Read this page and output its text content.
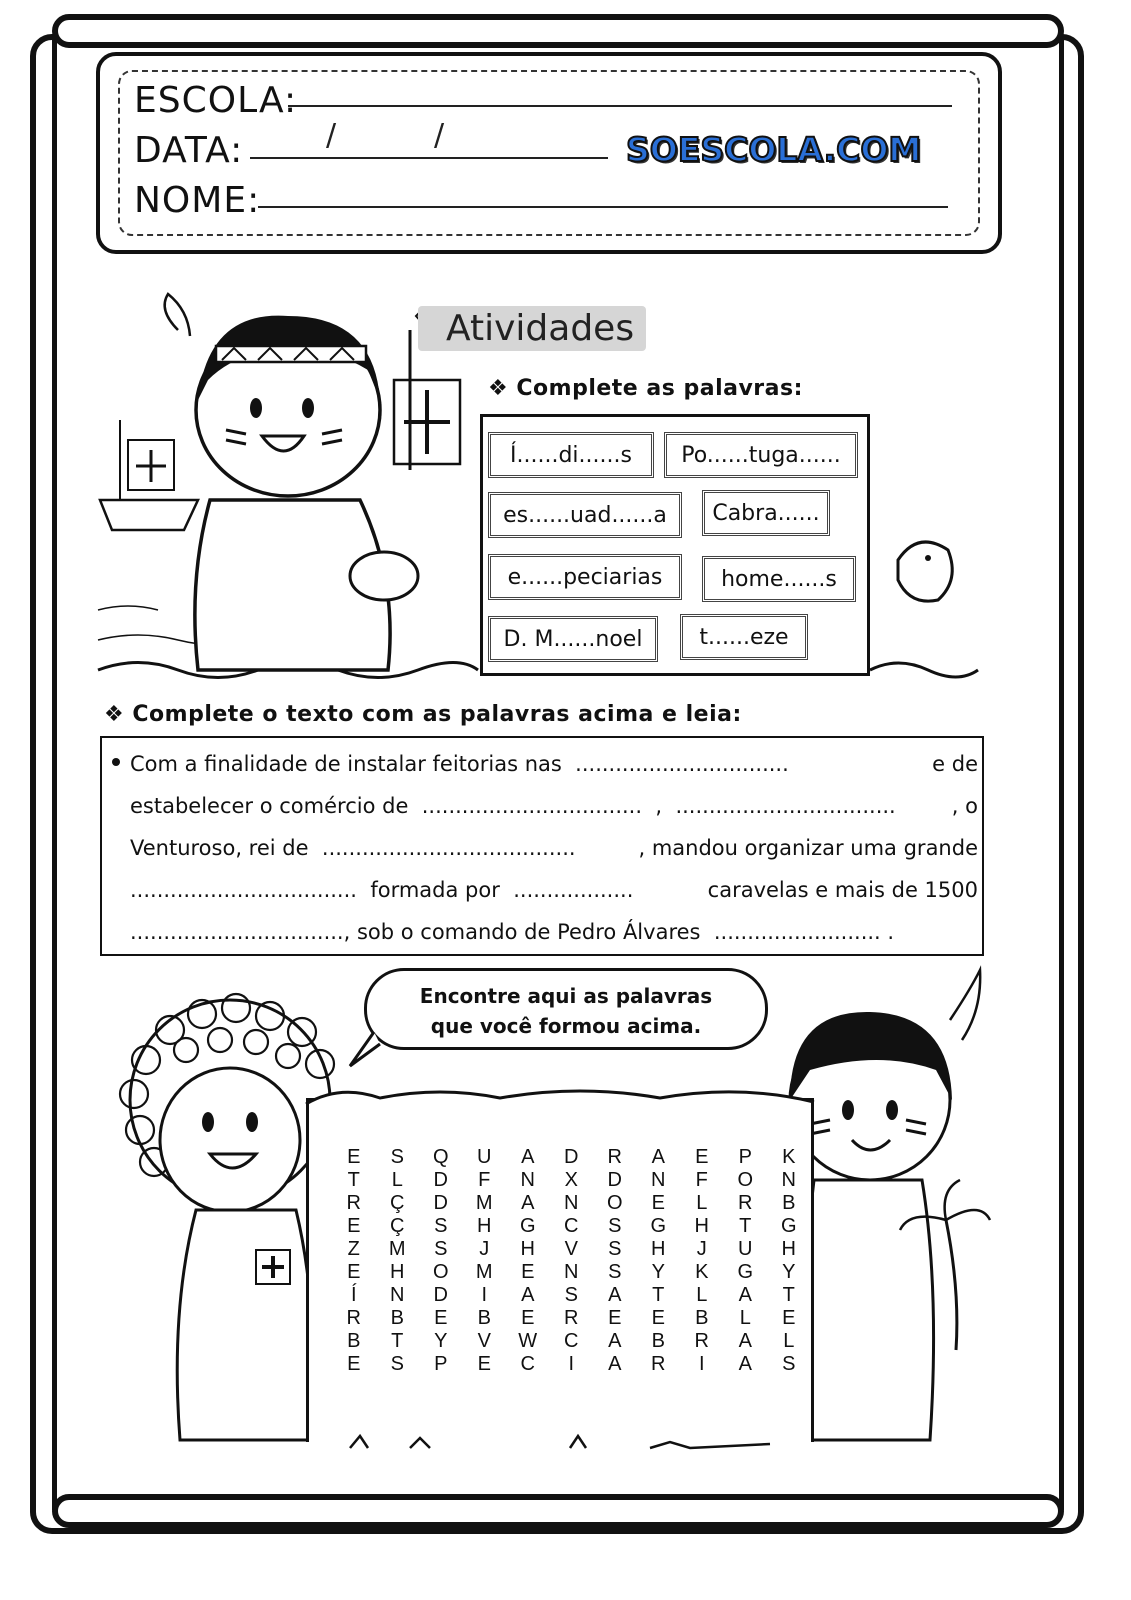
ESCOLA:
DATA:	/	/
NOME:
SOESCOLA.COM
Atividades
❖ Complete as palavras:
Í......di......s	Po......tuga......
es......uad......a	Cabra......
e......peciarias	home......s
D. M......noel	t......eze
❖ Complete o texto com as palavras acima e leia:
Com a finalidade de instalar feitorias nas  ................................	e de
estabelecer o comércio de  .................................  ,  ................................. , o
Venturoso, rei de  ......................................	, mandou organizar uma grande
..................................  formada por  ..................	caravelas e mais de 1500
................................, sob o comando de Pedro Álvares  ......................... .
Encontre aqui as palavras
que você formou acima.
E	S	Q	U	A	D	R	A	E	P	K
T	L	D	F	N	X	D	N	F	O	N
R	Ç	D	M	A	N	O	E	L	R	B
E	Ç	S	H	G	C	S	G	H	T	G
Z	M	S	J	H	V	S	H	J	U	H
E	H	O	M	E	N	S	Y	K	G	Y
Í	N	D	I	A	S	A	T	L	A	T
R	B	E	B	E	R	E	E	B	L	E
B	T	Y	V	W	C	A	B	R	A	L
E	S	P	E	C	I	A	R	I	A	S
